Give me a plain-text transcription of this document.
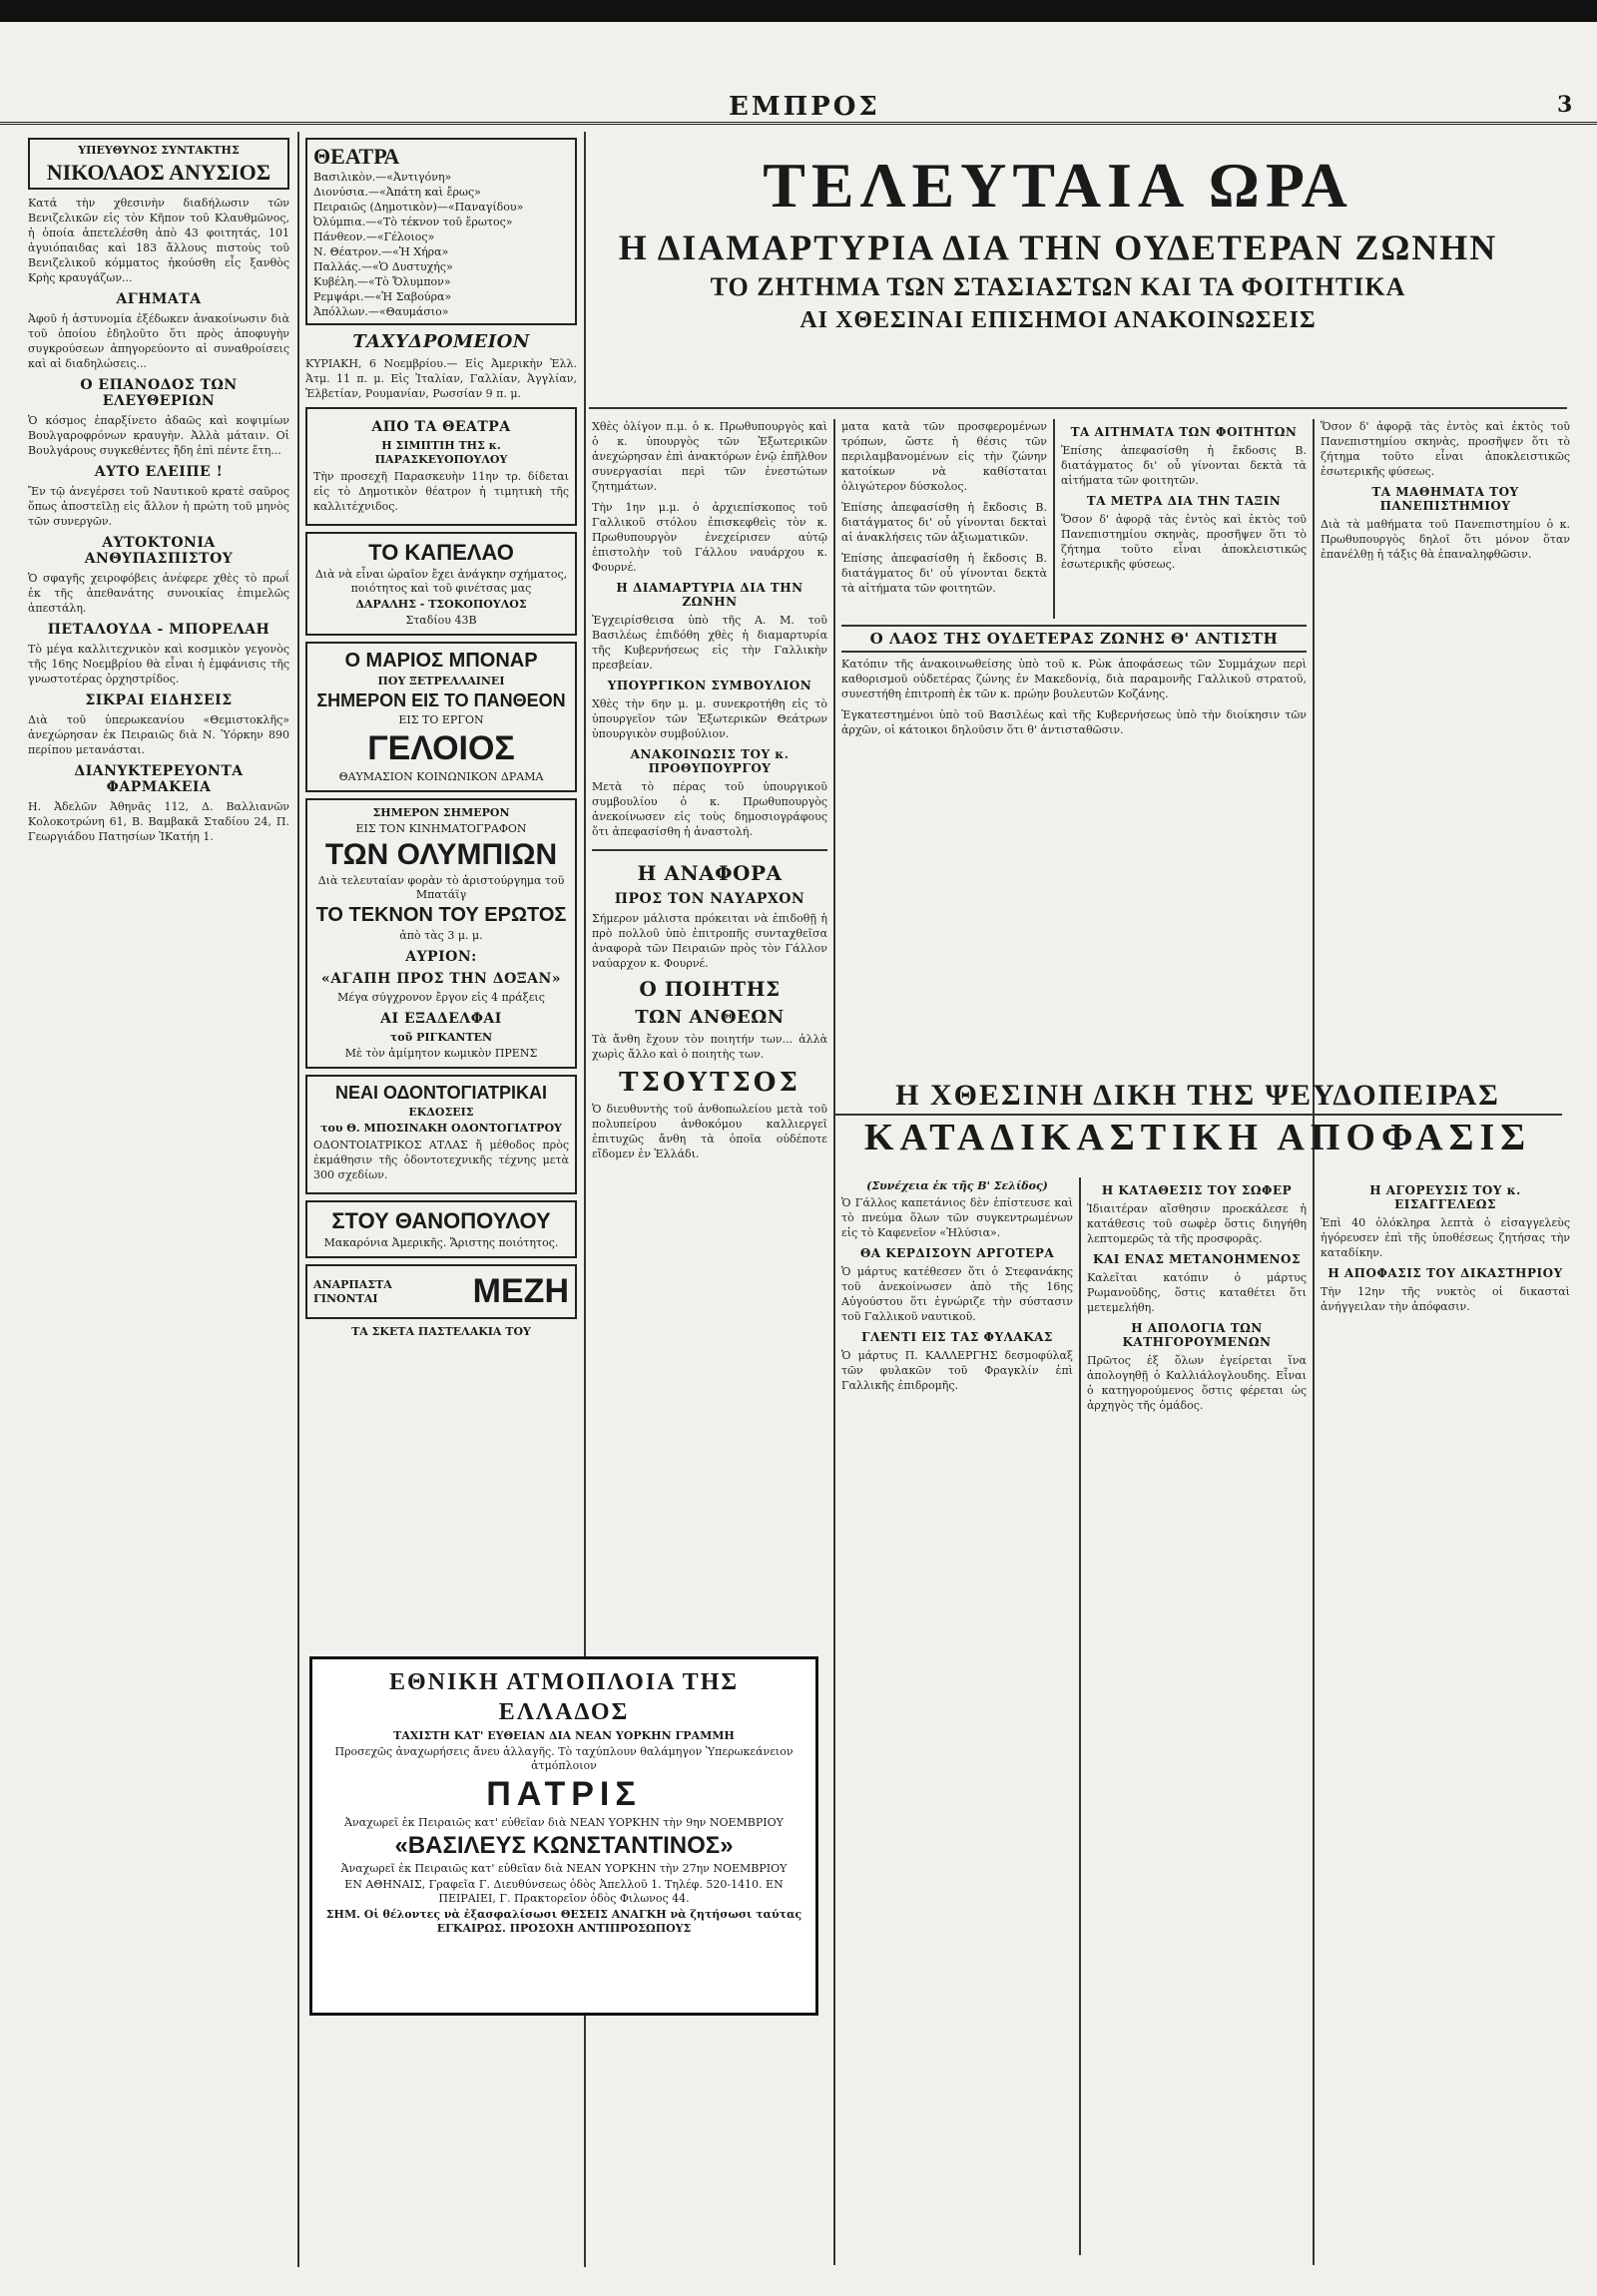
ΕΜΠΡΟΣ	3
ΤΕΛΕΥΤΑΙΑ ΩΡΑ
Η ΔΙΑΜΑΡΤΥΡΙΑ ΔΙΑ ΤΗΝ ΟΥΔΕΤΕΡΑΝ ΖΩΝΗΝ
ΤΟ ΖΗΤΗΜΑ ΤΩΝ ΣΤΑΣΙΑΣΤΩΝ ΚΑΙ ΤΑ ΦΟΙΤΗΤΙΚΑ
ΑΙ ΧΘΕΣΙΝΑΙ ΕΠΙΣΗΜΟΙ ΑΝΑΚΟΙΝΩΣΕΙΣ
ΥΠΕΥΘΥΝΟΣ ΣΥΝΤΑΚΤΗΣ
ΝΙΚΟΛΑΟΣ ΑΝΥΣΙΟΣ

Κατά τὴν χθεσινὴν διαδήλωσιν τῶν Βενιζελικῶν εἰς τὸν Κῆπον τοῦ Κλαυθμῶνος, ἡ ὁποία ἀπετελέσθη ἀπὸ 43 φοιτητάς, 101 ἀγυιόπαιδας καὶ 183 ἄλλους πιστοὺς τοῦ Βενιζελικοῦ κόμματος ἠκούσθη εἷς ξανθὸς Κρὴς κραυγάζων...

ΑΓΗΜΑΤΑ

Ἀφοῦ ἡ ἀστυνομία ἐξέδωκεν ἀνακοίνωσιν διὰ τοῦ ὁποίου ἐδηλοῦτο ὅτι πρὸς ἀποφυγὴν συγκρούσεων ἀπηγορεύοντο αἱ συναθροίσεις καὶ αἱ διαδηλώσεις...

Ο ΕΠΑΝΟΔΟΣ ΤΩΝ ΕΛΕΥΘΕΡΙΩΝ

Ὁ κόσμος ἐπαρξίνετο ἀδαῶς καὶ κοψιμίων Βουλγαροφρόνων κραυγὴν. Ἀλλὰ μάταιν. Οἱ Βουλγάρους συγκεθέντες ἤδη ἐπὶ πέντε ἔτη...

ΑΥΤΟ ΕΛΕΙΠΕ !

Ἔν τῷ ἀνεγέρσει τοῦ Ναυτικοῦ κρατὲ σαῦρος ὅπως ἀποστεῖλῃ εἰς ἄλλον ἡ πρώτη τοῦ μηνὸς τῶν συνεργῶν.

ΑΥΤΟΚΤΟΝΙΑ ΑΝΘΥΠΑΣΠΙΣΤΟΥ

Ὁ σφαγῆς χειροφόβεις ἀνέφερε χθὲς τὸ πρωΐ ἐκ τῆς ἀπεθανάτης συνοικίας ἐπιμελῶς ἀπεστάλη.

ΠΕΤΑΛΟΥΔΑ - ΜΠΟΡΕΛΑΗ

Τὸ μέγα καλλιτεχνικὸν καὶ κοσμικὸν γεγονὸς τῆς 16ης Νοεμβρίου θὰ εἶναι ἡ ἐμφάνισις τῆς γνωστοτέρας ὀρχηστρίδος.

ΣΙΚΡΑΙ ΕΙΔΗΣΕΙΣ

Διὰ τοῦ ὑπερωκεανίου «Θεμιστοκλῆς» ἀνεχώρησαν ἐκ Πειραιῶς διὰ Ν. Ὑόρκην 890 περίπου μετανάσται.

ΔΙΑΝΥΚΤΕΡΕΥΟΝΤΑ ΦΑΡΜΑΚΕΙΑ

Η. Ἀδελῶν Ἀθηνᾶς 112, Δ. Βαλλιανῶν Κολοκοτρώνη 61, Β. Βαμβακᾶ Σταδίου 24, Π. Γεωργιάδου Πατησίων ἸΚατήη 1.

ΘΕΑΤΡΑ
Βασιλικὸν.—«Ἀντιγόνη»
Διονύσια.—«Ἀπάτη καὶ ἔρως»
Πειραιῶς (Δημοτικὸν)—«Παναγίδου»
Ὀλύμπια.—«Τὸ τέκνον τοῦ ἔρωτος»
Πάνθεον.—«Γέλοιος»
Ν. Θέατρον.—«Ἡ Χήρα»
Παλλάς.—«Ὁ Δυστυχής»
Κυβέλη.—«Τὸ Ὄλυμπον»
Ρεμψάρι.—«Ἡ Σαβούρα»
Ἀπόλλων.—«Θαυμάσιο»
ΤΑΧΥΔΡΟΜΕΙΟΝ

ΚΥΡΙΑΚΗ, 6 Νοεμβρίου.— Εἰς Ἀμερικὴν Ἐλλ. Ἀτμ. 11 π. μ. Εἰς Ἰταλίαν, Γαλλίαν, Ἀγγλίαν, Ἐλβετίαν, Ρουμανίαν, Ρωσσίαν 9 π. μ.

ΑΠΟ ΤΑ ΘΕΑΤΡΑ
Η ΣΙΜΠΤΙΗ ΤΗΣ κ. ΠΑΡΑΣΚΕΥΟΠΟΥΛΟΥ

Τὴν προσεχῆ Παρασκευὴν 11ην τρ. δίδεται εἰς τὸ Δημοτικὸν θέατρον ἡ τιμητικὴ τῆς καλλιτέχνιδος.

ΤΟ ΚΑΠΕΛΑΟ
Διὰ νὰ εἶναι ὡραῖον ἔχει ἀνάγκην σχήματος, ποιότητος καὶ τοῦ φινέτσας μας
ΔΑΡΑΛΗΣ - ΤΣΟΚΟΠΟΥΛΟΣ
Σταδίου 43Β
Ο ΜΑΡΙΟΣ ΜΠΟΝΑΡ
ΠΟΥ ΞΕΤΡΕΛΛΑΙΝΕΙ
ΣΗΜΕΡΟΝ ΕΙΣ ΤΟ ΠΑΝΘΕΟΝ
ΕΙΣ ΤΟ ΕΡΓΟΝ
ΓΕΛΟΙΟΣ
ΘΑΥΜΑΣΙΟΝ ΚΟΙΝΩΝΙΚΟΝ ΔΡΑΜΑ
ΣΗΜΕΡΟΝ ΣΗΜΕΡΟΝ
ΕΙΣ ΤΟΝ ΚΙΝΗΜΑΤΟΓΡΑΦΟΝ
ΤΩΝ ΟΛΥΜΠΙΩΝ
Διὰ τελευταίαν φορὰν τὸ ἀριστούργημα τοῦ Μπατάϊγ
ΤΟ ΤΕΚΝΟΝ ΤΟΥ ΕΡΩΤΟΣ
ἀπὸ τὰς 3 μ. μ.
ΑΥΡΙΟΝ:
«ΑΓΑΠΗ ΠΡΟΣ ΤΗΝ ΔΟΞΑΝ»
Μέγα σύγχρονον ἔργον εἰς 4 πράξεις
ΑΙ ΕΞΑΔΕΛΦΑΙ
τοῦ ΡΙΓΚΑΝΤΕΝ
Μὲ τὸν ἀμίμητον κωμικὸν ΠΡΕΝΣ
ΝΕΑΙ ΟΔΟΝΤΟΓΙΑΤΡΙΚΑΙ
ΕΚΔΟΣΕΙΣ
του Θ. ΜΠΟΣΙΝΑΚΗ ΟΔΟΝΤΟΓΙΑΤΡΟΥ

ΟΔΟΝΤΟΙΑΤΡΙΚΟΣ ΑΤΛΑΣ ἤ μέθοδος πρὸς ἐκμάθησιν τῆς ὀδοντοτεχνικῆς τέχνης μετὰ 300 σχεδίων.

ΣΤΟΥ ΘΑΝΟΠΟΥΛΟΥ
Μακαρόνια Ἀμερικῆς. Ἄριστης ποιότητος.
ΑΝΑΡΠΑΣΤΑ ΓΙΝΟΝΤΑΙ	ΜΕΖΗ
ΤΑ ΣΚΕΤΑ ΠΑΣΤΕΛΑΚΙΑ ΤΟΥ

Χθὲς ὀλίγον π.μ. ὁ κ. Πρωθυπουργὸς καὶ ὁ κ. ὑπουργὸς τῶν Ἐξωτερικῶν ἀνεχώρησαν ἐπὶ ἀνακτόρων ἐνῷ ἐπῆλθον συνεργασίαι περὶ τῶν ἐνεστώτων ζητημάτων.

Τὴν 1ην μ.μ. ὁ ἀρχιεπίσκοπος τοῦ Γαλλικοῦ στόλου ἐπισκεφθεὶς τὸν κ. Πρωθυπουργὸν ἐνεχείρισεν αὐτῷ ἐπιστολὴν τοῦ Γάλλου ναυάρχου κ. Φουρνέ.

Η ΔΙΑΜΑΡΤΥΡΙΑ ΔΙΑ ΤΗΝ ΖΩΝΗΝ

Ἐγχειρίσθεισα ὑπὸ τῆς Α. Μ. τοῦ Βασιλέως ἐπιδόθη χθὲς ἡ διαμαρτυρία τῆς Κυβερνήσεως εἰς τὴν Γαλλικὴν πρεσβείαν.

ΥΠΟΥΡΓΙΚΟΝ ΣΥΜΒΟΥΛΙΟΝ

Χθὲς τὴν 6ην μ. μ. συνεκροτήθη εἰς τὸ ὑπουργεῖον τῶν Ἐξωτερικῶν Θεάτρων ὑπουργικὸν συμβούλιον.

ΑΝΑΚΟΙΝΩΣΙΣ ΤΟΥ κ. ΠΡΟΘΥΠΟΥΡΓΟΥ

Μετὰ τὸ πέρας τοῦ ὑπουργικοῦ συμβουλίου ὁ κ. Πρωθυπουργὸς ἀνεκοίνωσεν εἰς τοὺς δημοσιογράφους ὅτι ἀπεφασίσθη ἡ ἀναστολή.

Η ΑΝΑΦΟΡΑ
ΠΡΟΣ ΤΟΝ ΝΑΥΑΡΧΟΝ

Σήμερον μάλιστα πρόκειται νὰ ἐπιδοθῇ ἡ πρὸ πολλοῦ ὑπὸ ἐπιτροπῆς συνταχθεῖσα ἀναφορὰ τῶν Πειραιῶν πρὸς τὸν Γάλλον ναύαρχον κ. Φουρνέ.

Ο ΠΟΙΗΤΗΣ
ΤΩΝ ΑΝΘΕΩΝ

Τὰ ἄνθη ἔχουν τὸν ποιητήν των... ἀλλὰ χωρὶς ἄλλο καὶ ὁ ποιητὴς των.

ΤΣΟΥΤΣΟΣ

Ὁ διευθυντὴς τοῦ ἀνθοπωλείου μετὰ τοῦ πολυπείρου ἀνθοκόμου καλλιεργεῖ ἐπιτυχῶς ἄνθη τὰ ὁποῖα οὐδέποτε εἴδομεν ἐν Ἑλλάδι.

ΕΘΝΙΚΗ ΑΤΜΟΠΛΟΙΑ ΤΗΣ ΕΛΛΑΔΟΣ
ΤΑΧΙΣΤΗ ΚΑΤ' ΕΥΘΕΙΑΝ ΔΙΑ ΝΕΑΝ ΥΟΡΚΗΝ ΓΡΑΜΜΗ
Προσεχῶς ἀναχωρήσεις ἄνευ ἀλλαγῆς. Τὸ ταχύπλουν θαλάμηγον Ὑπερωκεάνειον ἀτμόπλοιον
ΠΑΤΡΙΣ
Ἀναχωρεῖ ἐκ Πειραιῶς κατ' εὐθεῖαν διὰ ΝΕΑΝ ΥΟΡΚΗΝ τὴν 9ην ΝΟΕΜΒΡΙΟΥ
«ΒΑΣΙΛΕΥΣ ΚΩΝΣΤΑΝΤΙΝΟΣ»
Ἀναχωρεῖ ἐκ Πειραιῶς κατ' εὐθεῖαν διὰ ΝΕΑΝ ΥΟΡΚΗΝ τὴν 27ην ΝΟΕΜΒΡΙΟΥ
ΕΝ ΑΘΗΝΑΙΣ, Γραφεῖα Γ. Διευθύνσεως ὁδὸς Ἀπελλοῦ 1. Τηλέφ. 520-1410. ΕΝ ΠΕΙΡΑΙΕΙ, Γ. Πρακτορεῖον ὁδὸς Φιλωνος 44.
ΣΗΜ. Οἱ θέλοντες νὰ ἐξασφαλίσωσι ΘΕΣΕΙΣ ΑΝΑΓΚΗ νὰ ζητήσωσι ταύτας ΕΓΚΑΙΡΩΣ. ΠΡΟΣΟΧΗ ΑΝΤΙΠΡΟΣΩΠΟΥΣ

ματα κατὰ τῶν προσφερομένων τρόπων, ὥστε ἡ θέσις τῶν περιλαμβανομένων εἰς τὴν ζώνην κατοίκων νὰ καθίσταται ὀλιγώτερον δύσκολος.

Ἐπίσης ἀπεφασίσθη ἡ ἔκδοσις Β. διατάγματος δι' οὗ γίνονται δεκταὶ αἱ ἀνακλήσεις τῶν ἀξιωματικῶν.

Ἐπίσης ἀπεφασίσθη ἡ ἔκδοσις Β. διατάγματος δι' οὗ γίνονται δεκτὰ τὰ αἰτήματα τῶν φοιτητῶν.

ΤΑ ΑΙΤΗΜΑΤΑ ΤΩΝ ΦΟΙΤΗΤΩΝ

Ἐπίσης ἀπεφασίσθη ἡ ἔκδοσις Β. διατάγματος δι' οὗ γίνονται δεκτὰ τὰ αἰτήματα τῶν φοιτητῶν.

ΤΑ ΜΕΤΡΑ ΔΙΑ ΤΗΝ ΤΑΞΙΝ

Ὅσον δ' ἀφορᾷ τὰς ἐντὸς καὶ ἐκτὸς τοῦ Πανεπιστημίου σκηνὰς, προσῆψεν ὅτι τὸ ζήτημα τοῦτο εἶναι ἀποκλειστικῶς ἐσωτερικῆς φύσεως.

Ο ΛΑΟΣ ΤΗΣ ΟΥΔΕΤΕΡΑΣ ΖΩΝΗΣ Θ' ΑΝΤΙΣΤΗ

Κατόπιν τῆς ἀνακοινωθείσης ὑπὸ τοῦ κ. Ρὼκ ἀποφάσεως τῶν Συμμάχων περὶ καθορισμοῦ οὐδετέρας ζώνης ἐν Μακεδονίᾳ, διὰ παραμονῆς Γαλλικοῦ στρατοῦ, συνεστήθη ἐπιτροπὴ ἐκ τῶν κ. πρώην βουλευτῶν Κοζάνης.

Ἐγκατεστημένοι ὑπὸ τοῦ Βασιλέως καὶ τῆς Κυβερνήσεως ὑπὸ τὴν διοίκησιν τῶν ἀρχῶν, οἱ κάτοικοι δηλοῦσιν ὅτι θ' ἀντισταθῶσιν.

Ὅσον δ' ἀφορᾷ τὰς ἐντὸς καὶ ἐκτὸς τοῦ Πανεπιστημίου σκηνὰς, προσῆψεν ὅτι τὸ ζήτημα τοῦτο εἶναι ἀποκλειστικῶς ἐσωτερικῆς φύσεως.

ΤΑ ΜΑΘΗΜΑΤΑ ΤΟΥ ΠΑΝΕΠΙΣΤΗΜΙΟΥ

Διὰ τὰ μαθήματα τοῦ Πανεπιστημίου ὁ κ. Πρωθυπουργὸς δηλοῖ ὅτι μόνον ὅταν ἐπανέλθῃ ἡ τάξις θὰ ἐπαναληφθῶσιν.

Η ΧΘΕΣΙΝΗ ΔΙΚΗ ΤΗΣ ΨΕΥΔΟΠΕΙΡΑΣ
ΚΑΤΑΔΙΚΑΣΤΙΚΗ ΑΠΟΦΑΣΙΣ
(Συνέχεια ἐκ τῆς Β' Σελίδος)

Ὁ Γάλλος καπετάνιος δὲν ἐπίστευσε καὶ τὸ πνεύμα ὅλων τῶν συγκεντρωμένων εἰς τὸ Καφενεῖον «Ἠλύσια».

ΘΑ ΚΕΡΔΙΣΟΥΝ ΑΡΓΟΤΕΡΑ

Ὁ μάρτυς κατέθεσεν ὅτι ὁ Στεφανάκης τοῦ ἀνεκοίνωσεν ἀπὸ τῆς 16ης Αὐγούστου ὅτι ἐγνώριζε τὴν σύστασιν τοῦ Γαλλικοῦ ναυτικοῦ.

ΓΛΕΝΤΙ ΕΙΣ ΤΑΣ ΦΥΛΑΚΑΣ

Ὁ μάρτυς Π. ΚΑΛΛΕΡΓΗΣ δεσμοφύλαξ τῶν φυλακῶν τοῦ Φραγκλίν ἐπὶ Γαλλικῆς ἐπιδρομῆς.

Η ΚΑΤΑΘΕΣΙΣ ΤΟΥ ΣΩΦΕΡ

Ἰδιαιτέραν αἴσθησιν προεκάλεσε ἡ κατάθεσις τοῦ σωφὲρ ὅστις διηγήθη λεπτομερῶς τὰ τῆς προσφορᾶς.

ΚΑΙ ΕΝΑΣ ΜΕΤΑΝΟΗΜΕΝΟΣ

Καλεῖται κατόπιν ὁ μάρτυς Ρωμανοῦδης, ὅστις καταθέτει ὅτι μετεμελήθη.

Η ΑΠΟΛΟΓΙΑ ΤΩΝ ΚΑΤΗΓΟΡΟΥΜΕΝΩΝ

Πρῶτος ἐξ ὅλων ἐγείρεται ἵνα ἀπολογηθῇ ὁ Καλλιάλογλουδης. Εἶναι ὁ κατηγορούμενος ὅστις φέρεται ὡς ἀρχηγὸς τῆς ὁμάδος.

Η ΑΓΟΡΕΥΣΙΣ ΤΟΥ κ. ΕΙΣΑΓΓΕΛΕΩΣ

Ἐπὶ 40 ὁλόκληρα λεπτὰ ὁ εἰσαγγελεὺς ἠγόρευσεν ἐπὶ τῆς ὑποθέσεως ζητήσας τὴν καταδίκην.

Η ΑΠΟΦΑΣΙΣ ΤΟΥ ΔΙΚΑΣΤΗΡΙΟΥ

Τὴν 12ην τῆς νυκτὸς οἱ δικασταὶ ἀνήγγειλαν τὴν ἀπόφασιν.
